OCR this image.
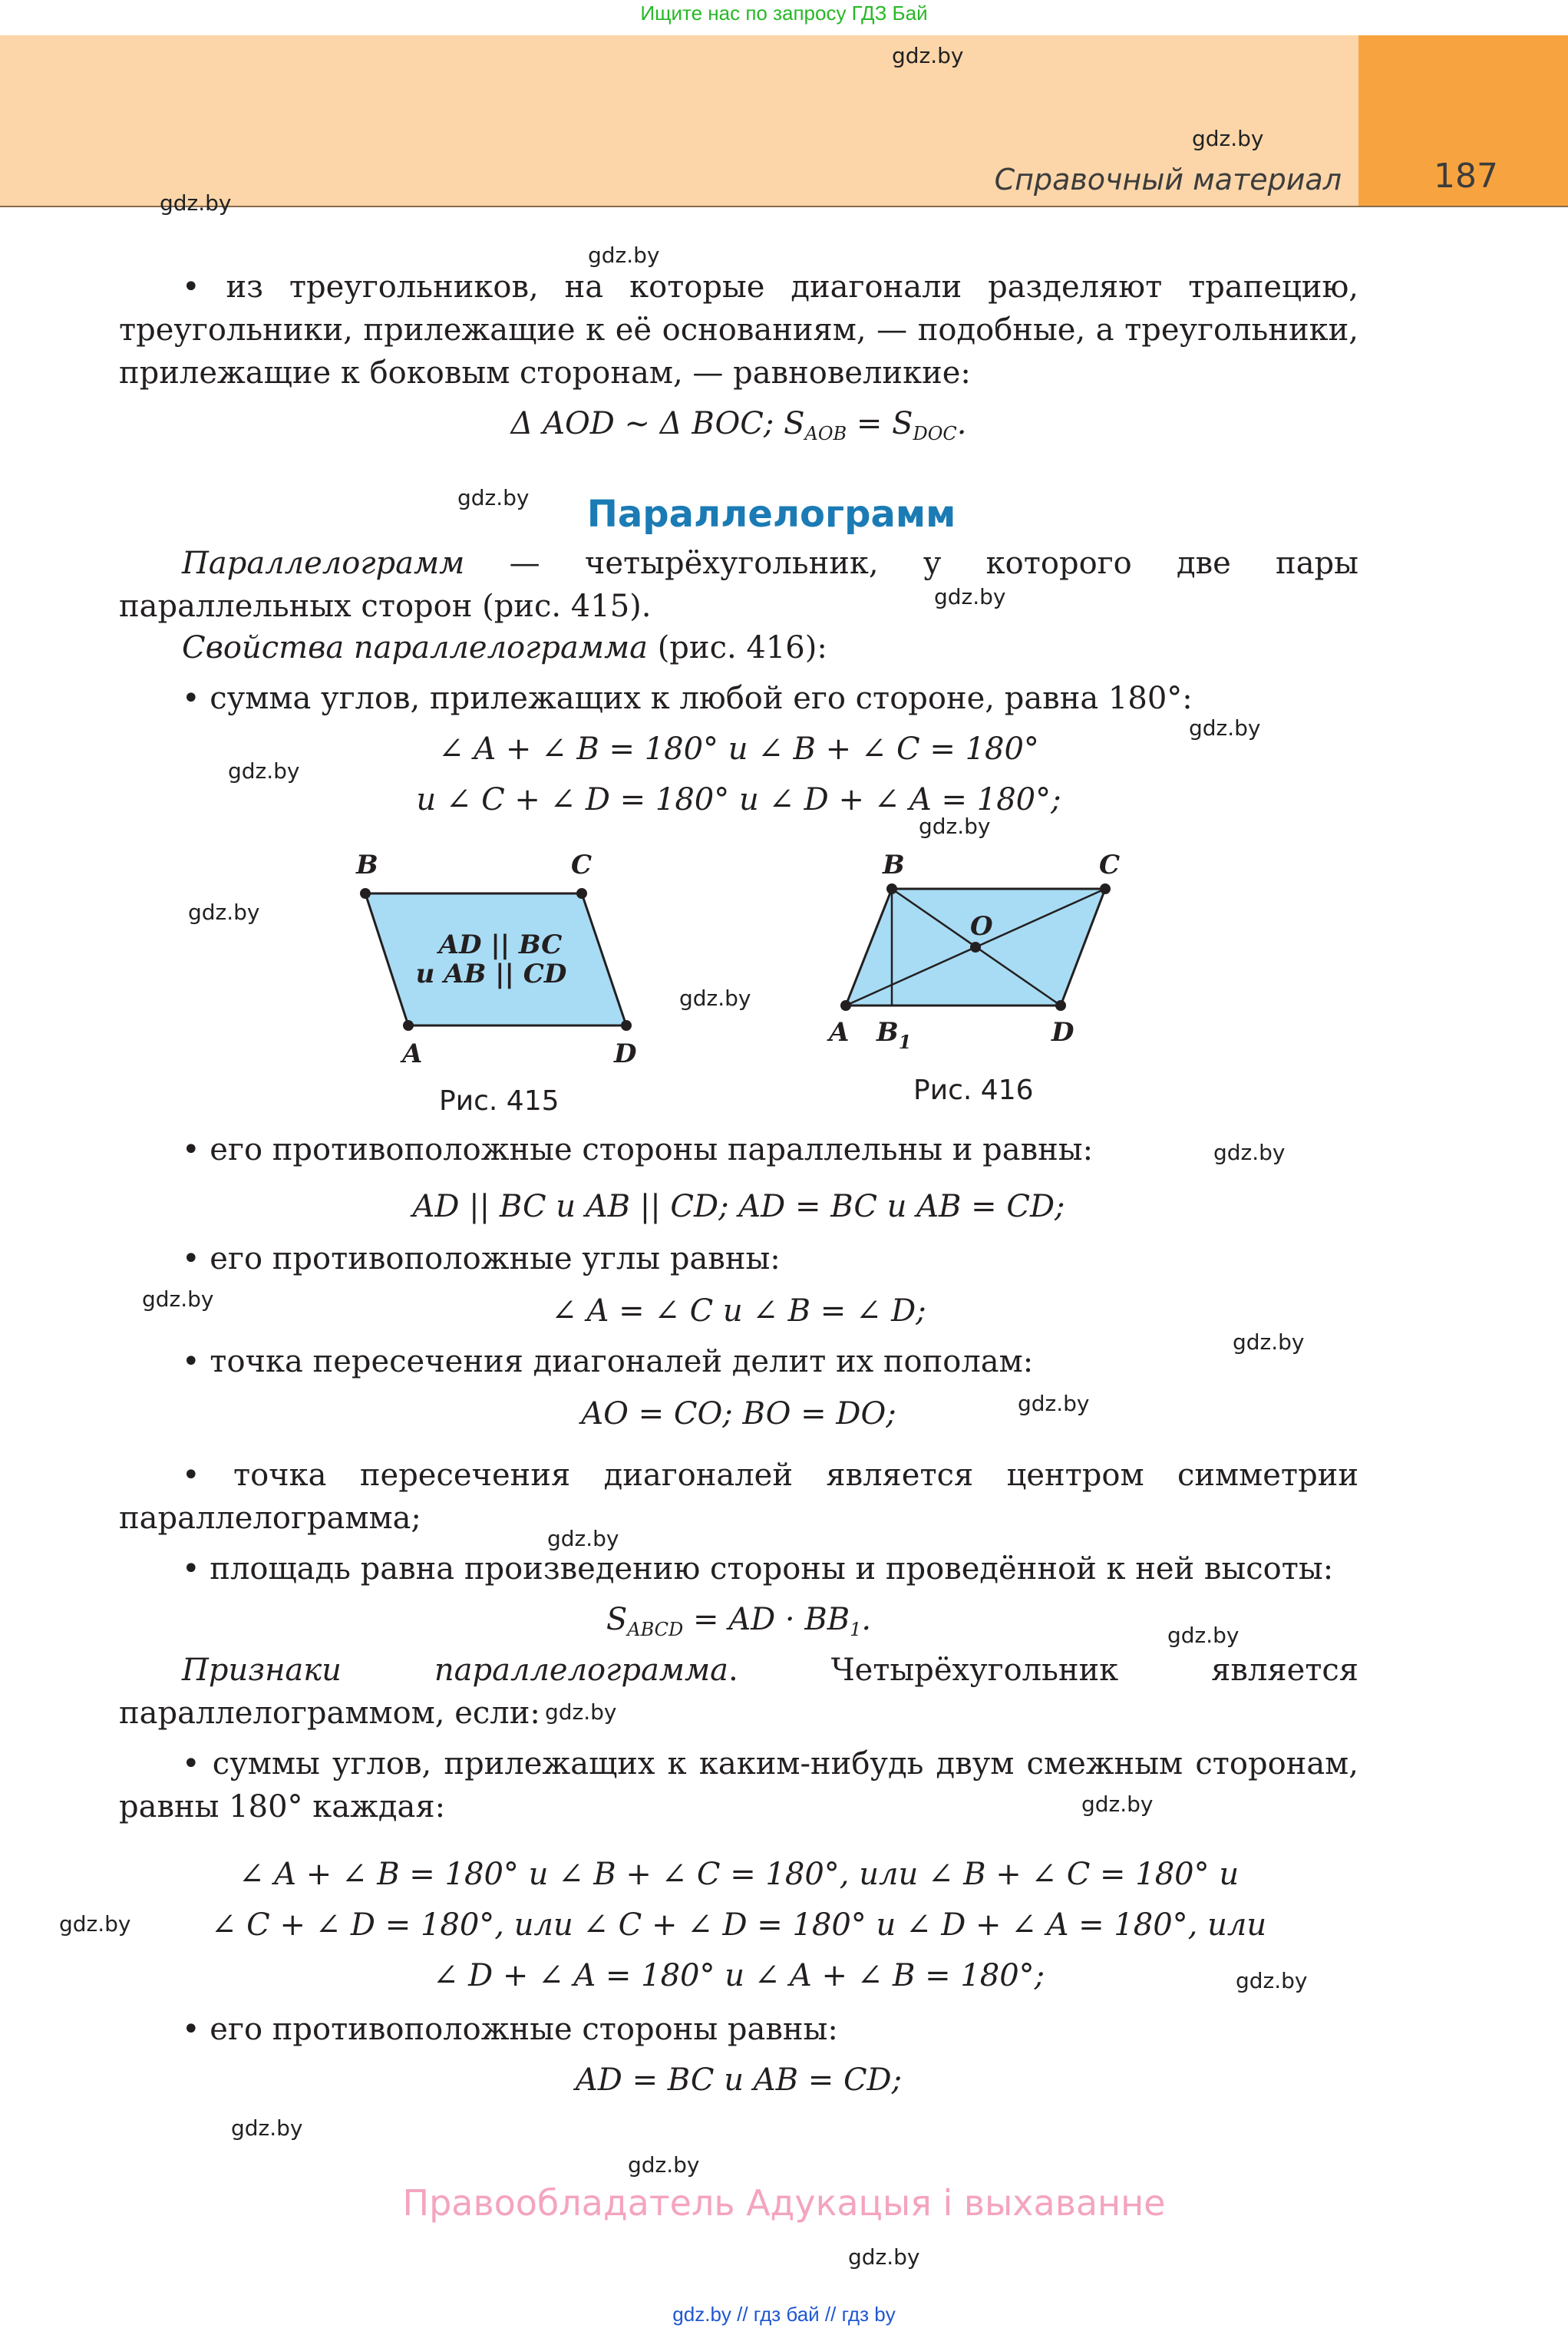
Ищите нас по запросу ГДЗ Бай
Справочный материал	187
gdz.by
gdz.by
gdz.by
gdz.by
gdz.by
gdz.by
gdz.by
gdz.by
gdz.by
gdz.by
gdz.by
gdz.by
gdz.by
gdz.by
gdz.by
gdz.by
gdz.by
gdz.by
gdz.by
gdz.by
gdz.by
gdz.by
gdz.by
gdz.by

• из треугольников, на которые диагонали разделяют трапецию, треугольники, прилежащие к её основаниям, — подобные, а треугольники, прилежащие к боковым сторонам, — равновеликие:

Δ AOD ~ Δ BOC; $S_{AOB} = S_{DOC}$.
Параллелограмм

Параллелограмм — четырёхугольник, у которого две пары параллельных сторон (рис. 415).

Свойства параллелограмма (рис. 416):

• сумма углов, прилежащих к любой его стороне, равна 180°:

∠ A + ∠ B = 180° и ∠ B + ∠ C = 180°
и ∠ C + ∠ D = 180° и ∠ D + ∠ A = 180°;
B	C
A	D
AD || BC
и AB || CD
Рис. 415
B	C
O
A $B_1$	D
Рис. 416

• его противоположные стороны параллельны и равны:

AD || BC и AB || CD; AD = BC и AB = CD;

• его противоположные углы равны:

∠ A = ∠ C и ∠ B = ∠ D;

• точка пересечения диагоналей делит их пополам:

AO = CO; BO = DO;

• точка пересечения диагоналей является центром симметрии параллелограмма;

• площадь равна произведению стороны и проведённой к ней высоты:

$S_{ABCD}$ = AD · $BB_1$.

Признаки параллелограмма. Четырёхугольник является параллелограммом, если:

• суммы углов, прилежащих к каким-нибудь двум смежным сторонам, равны 180° каждая:

∠ A + ∠ B = 180° и ∠ B + ∠ C = 180°, или ∠ B + ∠ C = 180° и
∠ C + ∠ D = 180°, или ∠ C + ∠ D = 180° и ∠ D + ∠ A = 180°, или
∠ D + ∠ A = 180° и ∠ A + ∠ B = 180°;

• его противоположные стороны равны:

AD = BC и AB = CD;
Правообладатель Адукацыя і выхаванне
gdz.by // гдз бай // гдз by
